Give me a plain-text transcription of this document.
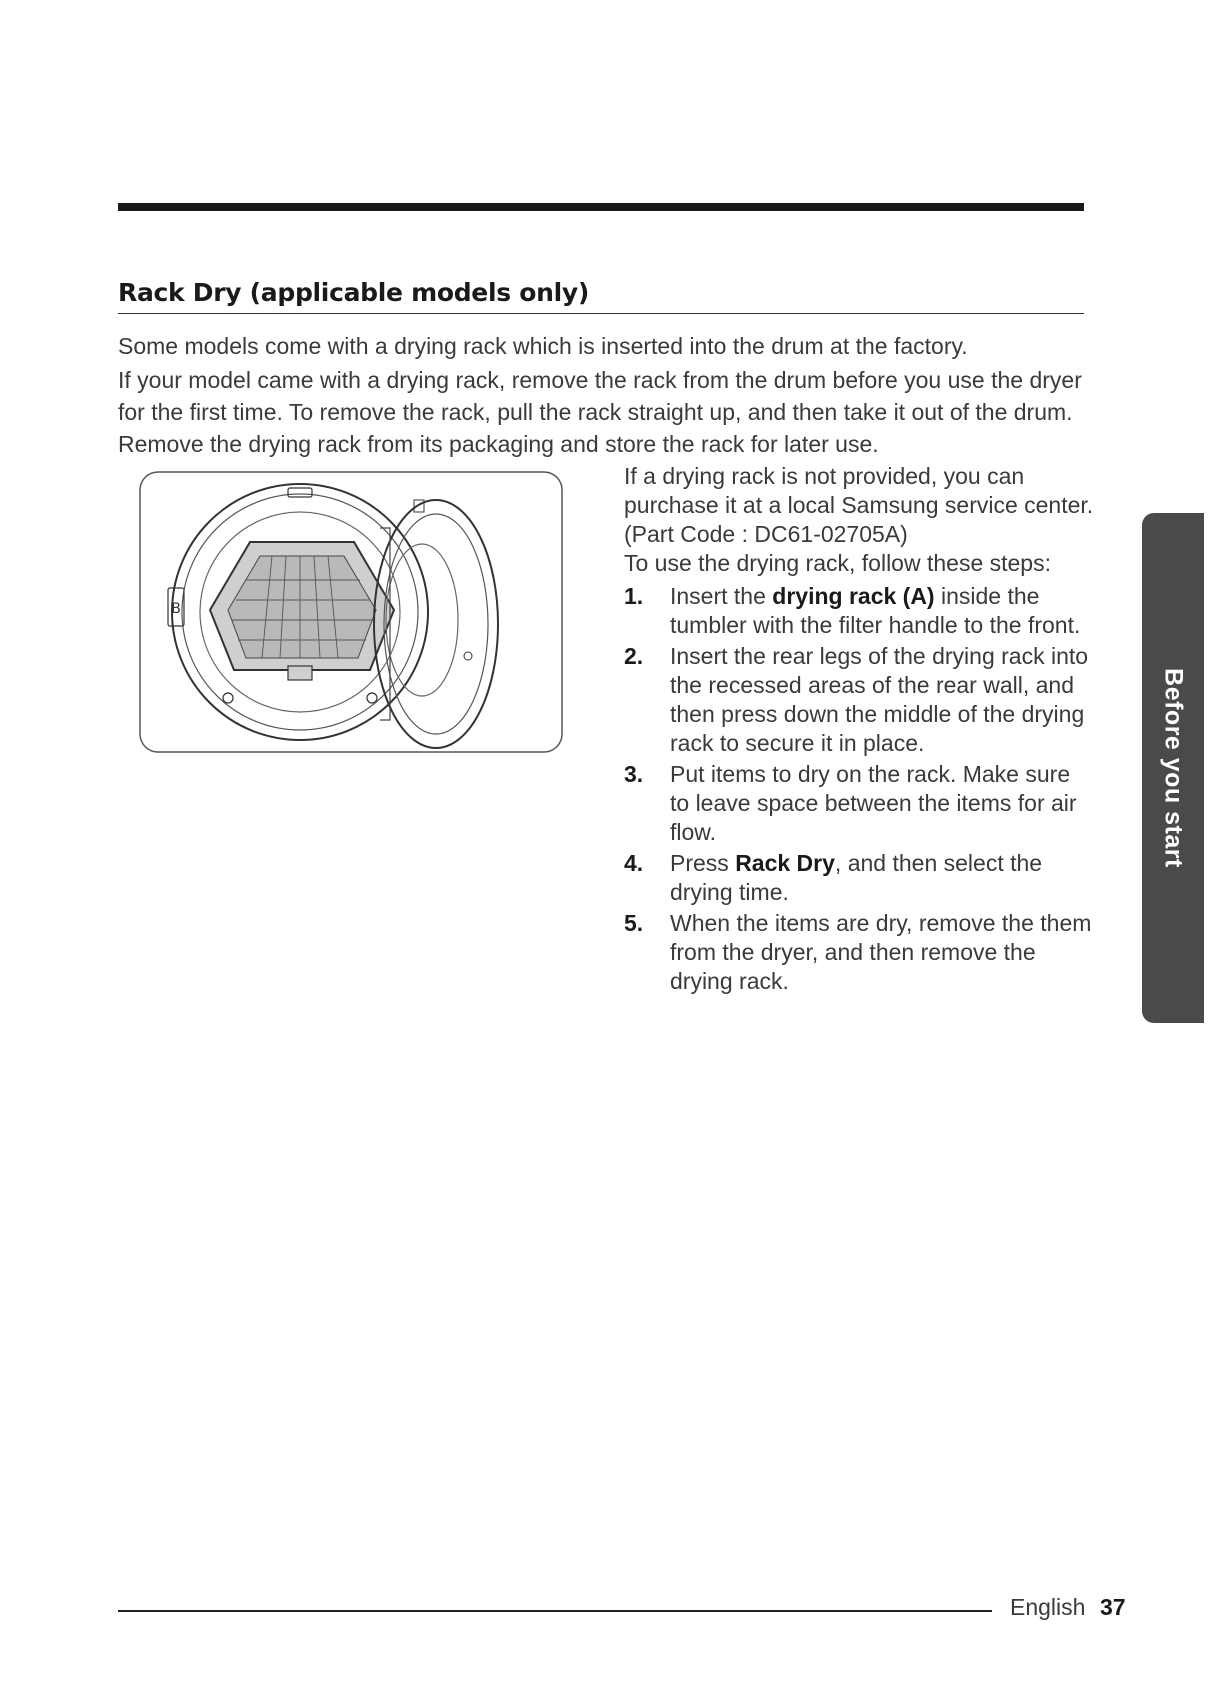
Rack Dry (applicable models only)

Some models come with a drying rack which is inserted into the drum at the factory.

If your model came with a drying rack, remove the rack from the drum before you use the dryer for the first time. To remove the rack, pull the rack straight up, and then take it out of the drum. Remove the drying rack from its packaging and store the rack for later use.

B

If a drying rack is not provided, you can purchase it at a local Samsung service center. (Part Code : DC61-02705A)

To use the drying rack, follow these steps:

1.	Insert the drying rack (A) inside the tumbler with the filter handle to the front.
2.	Insert the rear legs of the drying rack into the recessed areas of the rear wall, and then press down the middle of the drying rack to secure it in place.
3.	Put items to dry on the rack. Make sure to leave space between the items for air flow.
4.	Press Rack Dry, and then select the drying time.
5.	When the items are dry, remove the them from the dryer, and then remove the drying rack.
Before you start
English 37
